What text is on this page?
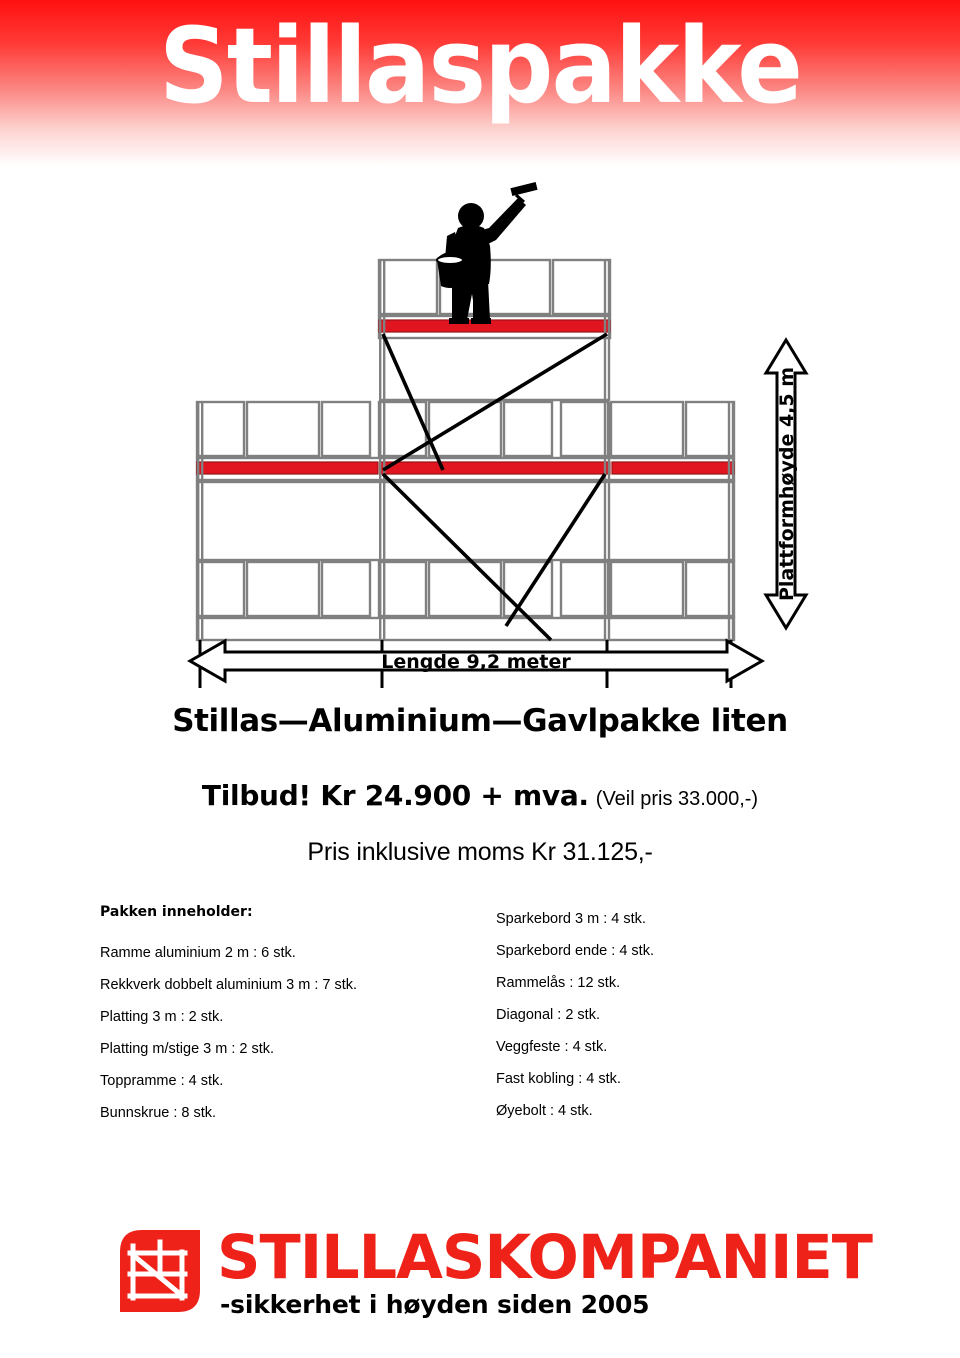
Stillaspakke
Plattformhøyde 4,5 m
Lengde 9,2 meter
Stillas—Aluminium—Gavlpakke liten
Tilbud! Kr 24.900 + mva. (Veil pris 33.000,-)
Pris inklusive moms Kr 31.125,-
Pakken inneholder:
Ramme aluminium 2 m : 6 stk.
Rekkverk dobbelt aluminium 3 m : 7 stk.
Platting 3 m : 2 stk.
Platting m/stige 3 m : 2 stk.
Toppramme : 4 stk.
Bunnskrue : 8 stk.
Sparkebord 3 m : 4 stk.
Sparkebord ende : 4 stk.
Rammelås : 12 stk.
Diagonal : 2 stk.
Veggfeste : 4 stk.
Fast kobling : 4 stk.
Øyebolt : 4 stk.
STILLASKOMPANIET
-sikkerhet i høyden siden 2005
